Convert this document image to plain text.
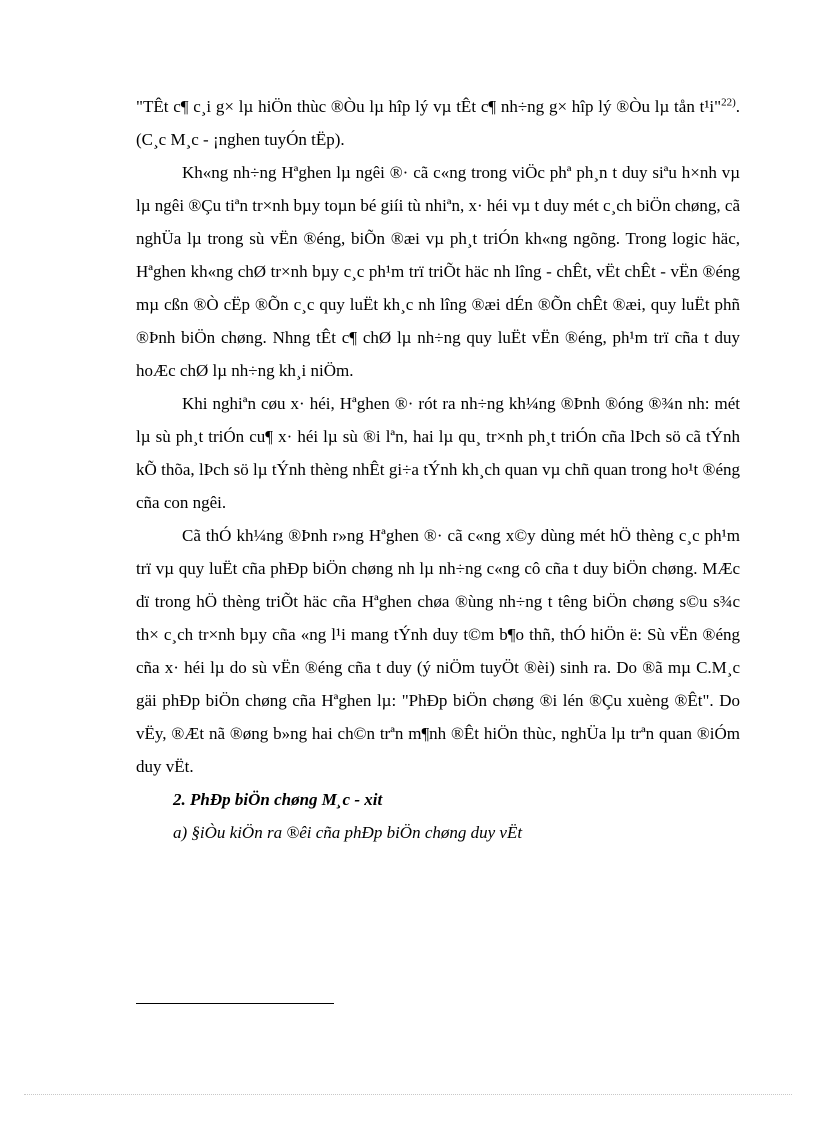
"TÊt c¶ c¸i g× lµ hiÖn thùc ®Òu lµ hîp lý vµ tÊt c¶ nh÷ng g× hîp lý ®Òu lµ tån t¹i"$^{22)}$. (C¸c M¸c - ¡nghen tuyÓn tËp).

Kh«ng nh÷ng Hªghen lµ ngêi ®· cã c«ng trong viÖc phª ph¸n t duy siªu h×nh vµ lµ ngêi ®Çu tiªn tr×nh bµy toµn bé giíi tù nhiªn, x· héi vµ t duy mét c¸ch biÖn chøng, cã nghÜa lµ trong sù vËn ®éng, biÕn ®æi vµ ph¸t triÓn kh«ng ngõng. Trong logic häc, Hªghen kh«ng chØ tr×nh bµy c¸c ph¹m trï triÕt häc nh lîng - chÊt, vËt chÊt - vËn ®éng mµ cßn ®Ò cËp ®Õn c¸c quy luËt kh¸c nh lîng ®æi dÉn ®Õn chÊt ®æi, quy luËt phñ ®Þnh biÖn chøng. Nhng tÊt c¶ chØ lµ nh÷ng quy luËt vËn ®éng, ph¹m trï cña t duy hoÆc chØ lµ nh÷ng kh¸i niÖm.

Khi nghiªn cøu x· héi, Hªghen ®· rót ra nh÷ng kh¼ng ®Þnh ®óng ®¾n nh: mét lµ sù ph¸t triÓn cu¶ x· héi lµ sù ®i lªn, hai lµ qu¸ tr×nh ph¸t triÓn cña lÞch sö cã tÝnh kÕ thõa, lÞch sö lµ tÝnh thèng nhÊt gi÷a tÝnh kh¸ch quan vµ chñ quan trong ho¹t ®éng cña con ngêi.

Cã thÓ kh¼ng ®Þnh r»ng Hªghen ®· cã c«ng x©y dùng mét hÖ thèng c¸c ph¹m trï vµ quy luËt cña phÐp biÖn chøng nh lµ nh÷ng c«ng cô cña t duy biÖn chøng. MÆc dï trong hÖ thèng triÕt häc cña Hªghen chøa ®ùng nh÷ng t têng biÖn chøng s©u s¾c th× c¸ch tr×nh bµy cña «ng l¹i mang tÝnh duy t©m b¶o thñ, thÓ hiÖn ë: Sù vËn ®éng cña x· héi lµ do sù vËn ®éng cña t duy (ý niÖm tuyÖt ®èi) sinh ra. Do ®ã mµ C.M¸c gäi phÐp biÖn chøng cña Hªghen lµ: "PhÐp biÖn chøng ®i lén ®Çu xuèng ®Êt". Do vËy, ®Æt nã ®øng b»ng hai ch©n trªn m¶nh ®Êt hiÖn thùc, nghÜa lµ trªn quan ®iÓm duy vËt.

2. PhÐp biÖn chøng M¸c - xit

a) §iÒu kiÖn ra ®êi cña phÐp biÖn chøng duy vËt
